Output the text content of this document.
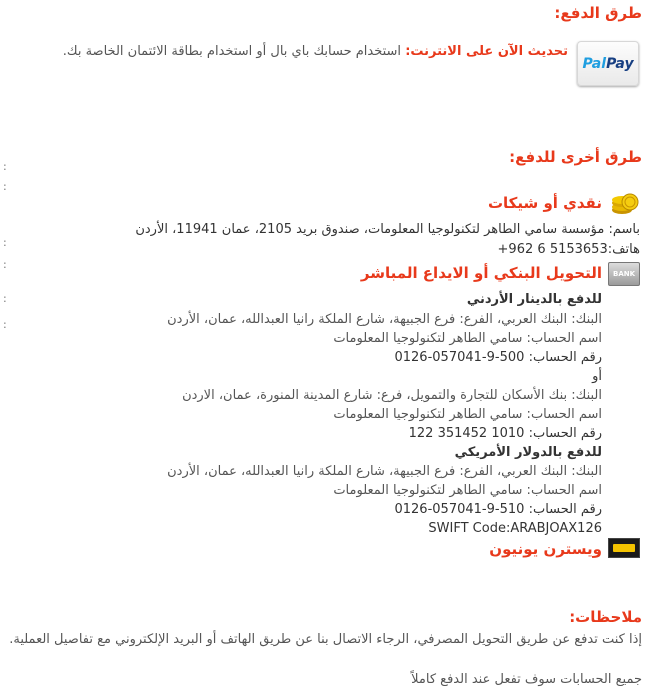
طرق الدفع:
Pay
Pal
تحديث الآن على الانترنت: استخدام حسابك باي بال أو استخدام بطاقة الائتمان الخاصة بك.
طرق أخرى للدفع:
:
:
نقدي أو شيكات
باسم: مؤسسة سامي الطاهر لتكنولوجيا المعلومات، صندوق بريد 2105، عمان 11941، الأردن
هاتف:5153653 6 962+
:
:
BANK
التحويل البنكي أو الايداع المباشر
للدفع بالدينار الأردني
البنك: البنك العربي، الفرع: فرع الجبيهة، شارع الملكة رانيا العبدالله، عمان، الأردن
اسم الحساب: سامي الطاهر لتكنولوجيا المعلومات
رقم الحساب: 500-9-057041-0126
أو
البنك: بنك الأسكان للتجارة والتمويل، فرع: شارع المدينة المنورة، عمان، الاردن
اسم الحساب: سامي الطاهر لتكنولوجيا المعلومات
رقم الحساب: 1010 351452 122
للدفع بالدولار الأمريكي
البنك: البنك العربي، الفرع: فرع الجبيهة، شارع الملكة رانيا العبدالله، عمان، الأردن
اسم الحساب: سامي الطاهر لتكنولوجيا المعلومات
رقم الحساب: 510-9-057041-0126
SWIFT Code:ARABJOAX126
:
:
ويسترن يونيون
ملاحظات:
إذا كنت تدفع عن طريق التحويل المصرفي، الرجاء الاتصال بنا عن طريق الهاتف أو البريد الإلكتروني مع تفاصيل العملية.
جميع الحسابات سوف تفعل عند الدفع كاملاً
